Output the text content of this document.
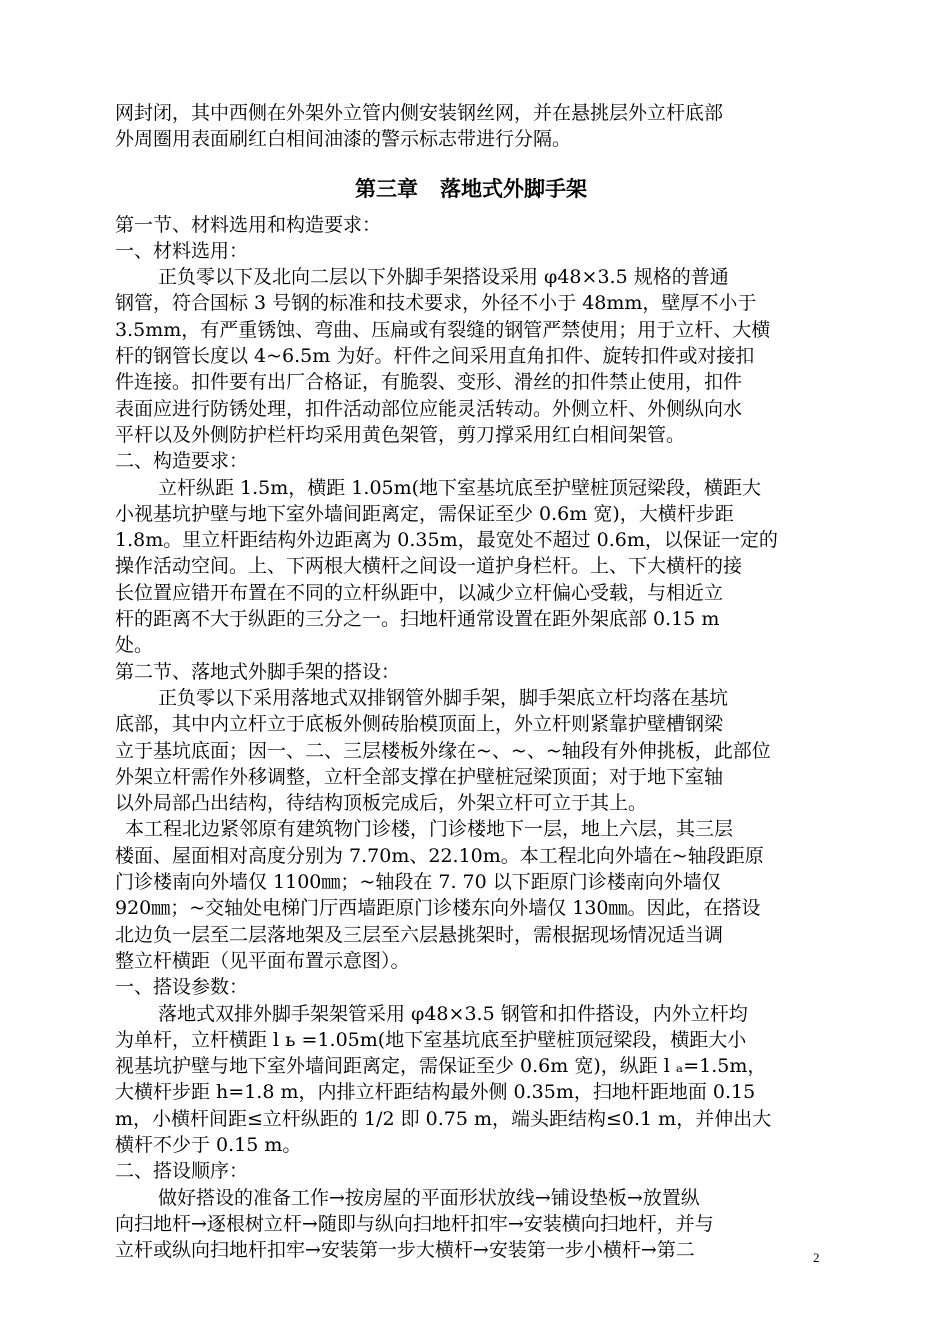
网封闭，其中西侧在外架外立管内侧安装钢丝网，并在悬挑层外立杆底部
外周圈用表面刷红白相间油漆的警示标志带进行分隔。
第三章   落地式外脚手架
第一节、材料选用和构造要求：
一、材料选用：
正负零以下及北向二层以下外脚手架搭设采用 φ48×3.5 规格的普通
钢管，符合国标 3 号钢的标准和技术要求，外径不小于 48mm，壁厚不小于
3.5mm，有严重锈蚀、弯曲、压扁或有裂缝的钢管严禁使用；用于立杆、大横
杆的钢管长度以 4~6.5m 为好。杆件之间采用直角扣件、旋转扣件或对接扣
件连接。扣件要有出厂合格证，有脆裂、变形、滑丝的扣件禁止使用，扣件
表面应进行防锈处理，扣件活动部位应能灵活转动。外侧立杆、外侧纵向水
平杆以及外侧防护栏杆均采用黄色架管，剪刀撑采用红白相间架管。
二、构造要求：
立杆纵距 1.5m，横距 1.05m(地下室基坑底至护壁桩顶冠梁段，横距大
小视基坑护壁与地下室外墙间距离定，需保证至少 0.6m 宽)，大横杆步距
1.8m。里立杆距结构外边距离为 0.35m，最宽处不超过 0.6m，以保证一定的
操作活动空间。上、下两根大横杆之间设一道护身栏杆。上、下大横杆的接
长位置应错开布置在不同的立杆纵距中，以减少立杆偏心受载，与相近立
杆的距离不大于纵距的三分之一。扫地杆通常设置在距外架底部 0.15 m
处。
第二节、落地式外脚手架的搭设：
正负零以下采用落地式双排钢管外脚手架，脚手架底立杆均落在基坑
底部，其中内立杆立于底板外侧砖胎模顶面上，外立杆则紧靠护壁槽钢梁
立于基坑底面；因一、二、三层楼板外缘在~、~、~轴段有外伸挑板，此部位
外架立杆需作外移调整，立杆全部支撑在护壁桩冠梁顶面；对于地下室轴
以外局部凸出结构，待结构顶板完成后，外架立杆可立于其上。
本工程北边紧邻原有建筑物门诊楼，门诊楼地下一层，地上六层，其三层
楼面、屋面相对高度分别为 7.70m、22.10m。本工程北向外墙在~轴段距原
门诊楼南向外墙仅 1100㎜；~轴段在 7. 70 以下距原门诊楼南向外墙仅
920㎜；~交轴处电梯门厅西墙距原门诊楼东向外墙仅 130㎜。因此，在搭设
北边负一层至二层落地架及三层至六层悬挑架时，需根据现场情况适当调
整立杆横距（见平面布置示意图）。
一、搭设参数：
落地式双排外脚手架架管采用 φ48×3.5 钢管和扣件搭设，内外立杆均
为单杆，立杆横距 l ь =1.05m(地下室基坑底至护壁桩顶冠梁段，横距大小
视基坑护壁与地下室外墙间距离定，需保证至少 0.6m 宽)，纵距 l ₐ=1.5m，
大横杆步距 h=1.8 m，内排立杆距结构最外侧 0.35m，扫地杆距地面 0.15
m，小横杆间距≤立杆纵距的 1/2 即 0.75 m，端头距结构≤0.1 m，并伸出大
横杆不少于 0.15 m。
二、搭设顺序：
做好搭设的准备工作→按房屋的平面形状放线→铺设垫板→放置纵
向扫地杆→逐根树立杆→随即与纵向扫地杆扣牢→安装横向扫地杆，并与
立杆或纵向扫地杆扣牢→安装第一步大横杆→安装第一步小横杆→第二	2
